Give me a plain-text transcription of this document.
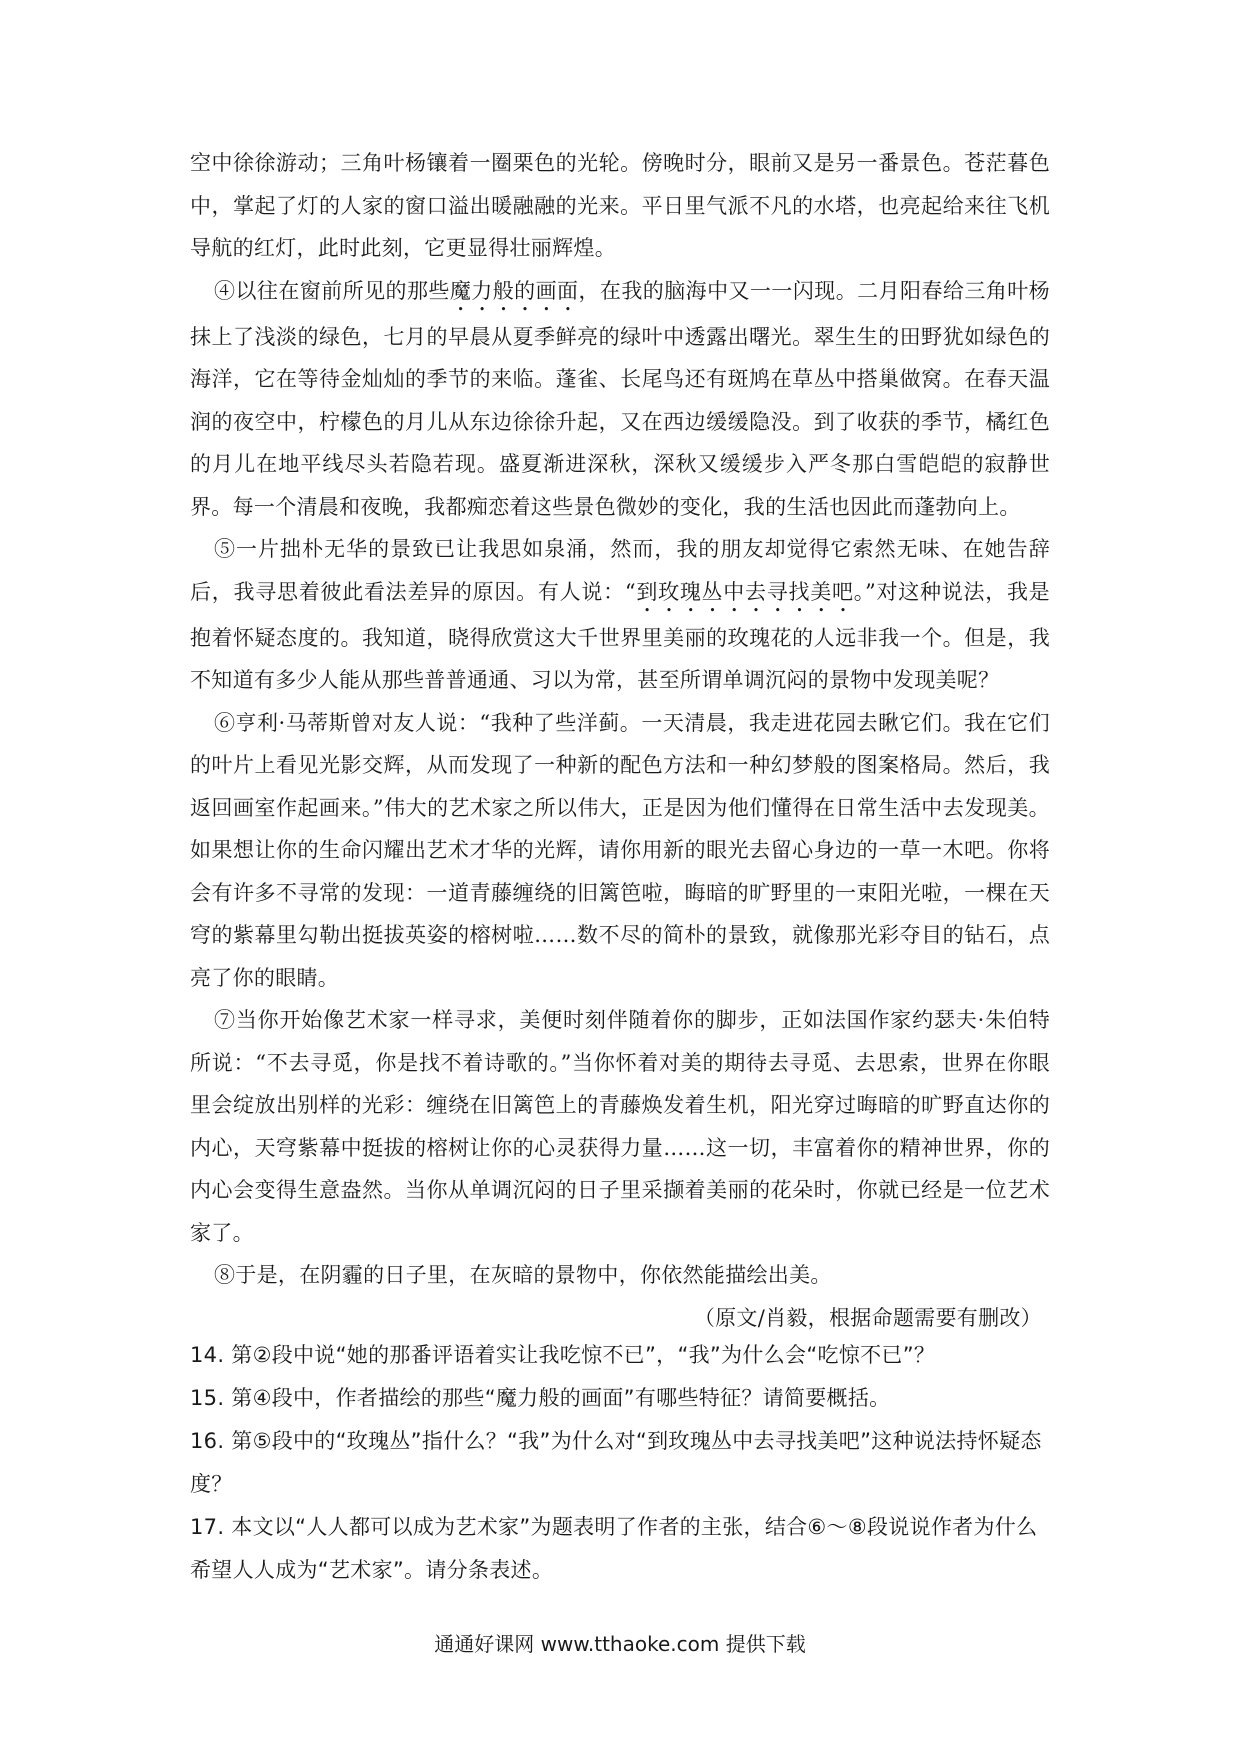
空中徐徐游动；三角叶杨镶着一圈栗色的光轮。傍晚时分，眼前又是另一番景色。苍茫暮色中，掌起了灯的人家的窗口溢出暖融融的光来。平日里气派不凡的水塔，也亮起给来往飞机导航的红灯，此时此刻，它更显得壮丽辉煌。

④以往在窗前所见的那些魔力般的画面，在我的脑海中又一一闪现。二月阳春给三角叶杨抹上了浅淡的绿色，七月的早晨从夏季鲜亮的绿叶中透露出曙光。翠生生的田野犹如绿色的海洋，它在等待金灿灿的季节的来临。蓬雀、长尾鸟还有斑鸠在草丛中搭巢做窝。在春天温润的夜空中，柠檬色的月儿从东边徐徐升起，又在西边缓缓隐没。到了收获的季节，橘红色的月儿在地平线尽头若隐若现。盛夏渐进深秋，深秋又缓缓步入严冬那白雪皑皑的寂静世界。每一个清晨和夜晚，我都痴恋着这些景色微妙的变化，我的生活也因此而蓬勃向上。

⑤一片拙朴无华的景致已让我思如泉涌，然而，我的朋友却觉得它索然无味、在她告辞后，我寻思着彼此看法差异的原因。有人说：“到玫瑰丛中去寻找美吧。”对这种说法，我是抱着怀疑态度的。我知道，晓得欣赏这大千世界里美丽的玫瑰花的人远非我一个。但是，我不知道有多少人能从那些普普通通、习以为常，甚至所谓单调沉闷的景物中发现美呢？

⑥亨利·马蒂斯曾对友人说：“我种了些洋蓟。一天清晨，我走进花园去瞅它们。我在它们的叶片上看见光影交辉，从而发现了一种新的配色方法和一种幻梦般的图案格局。然后，我返回画室作起画来。”伟大的艺术家之所以伟大，正是因为他们懂得在日常生活中去发现美。如果想让你的生命闪耀出艺术才华的光辉，请你用新的眼光去留心身边的一草一木吧。你将会有许多不寻常的发现：一道青藤缠绕的旧篱笆啦，晦暗的旷野里的一束阳光啦，一棵在天穹的紫幕里勾勒出挺拔英姿的榕树啦……数不尽的简朴的景致，就像那光彩夺目的钻石，点亮了你的眼睛。

⑦当你开始像艺术家一样寻求，美便时刻伴随着你的脚步，正如法国作家约瑟夫·朱伯特所说：“不去寻觅，你是找不着诗歌的。”当你怀着对美的期待去寻觅、去思索，世界在你眼里会绽放出别样的光彩：缠绕在旧篱笆上的青藤焕发着生机，阳光穿过晦暗的旷野直达你的内心，天穹紫幕中挺拔的榕树让你的心灵获得力量……这一切，丰富着你的精神世界，你的内心会变得生意盎然。当你从单调沉闷的日子里采撷着美丽的花朵时，你就已经是一位艺术家了。

⑧于是，在阴霾的日子里，在灰暗的景物中，你依然能描绘出美。

（原文/肖毅，根据命题需要有删改）

14. 第②段中说“她的那番评语着实让我吃惊不已”，“我”为什么会“吃惊不已”？

15. 第④段中，作者描绘的那些“魔力般的画面”有哪些特征？请简要概括。

16. 第⑤段中的“玫瑰丛”指什么？“我”为什么对“到玫瑰丛中去寻找美吧”这种说法持怀疑态度？

17. 本文以“人人都可以成为艺术家”为题表明了作者的主张，结合⑥～⑧段说说作者为什么希望人人成为“艺术家”。请分条表述。

通通好课网 www.tthaoke.com 提供下载
